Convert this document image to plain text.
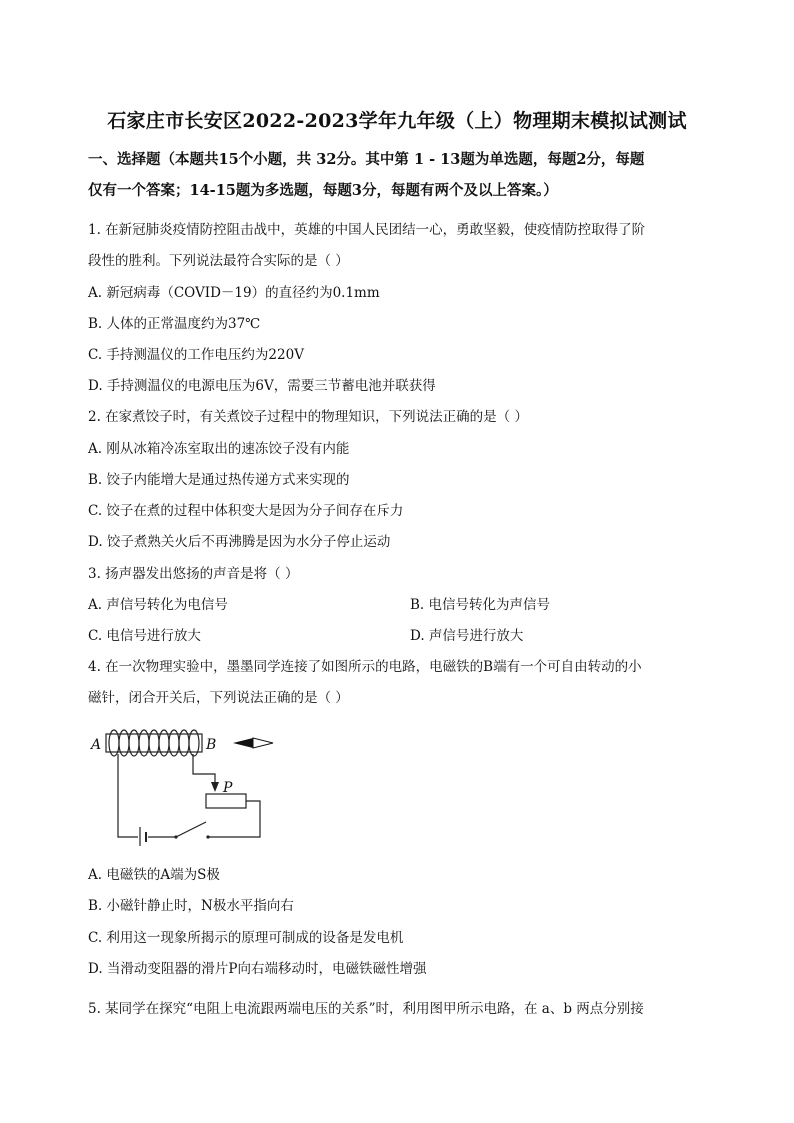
石家庄市长安区2022-2023学年九年级（上）物理期末模拟试测试
一、选择题（本题共15个小题，共 32分。其中第 1 - 13题为单选题，每题2分，每题
仅有一个答案；14-15题为多选题，每题3分，每题有两个及以上答案。）
1. 在新冠肺炎疫情防控阻击战中，英雄的中国人民团结一心，勇敢坚毅，使疫情防控取得了阶
段性的胜利。下列说法最符合实际的是（ ）
A. 新冠病毒（COVID－19）的直径约为0.1mm
B. 人体的正常温度约为37℃
C. 手持测温仪的工作电压约为220V
D. 手持测温仪的电源电压为6V，需要三节蓄电池并联获得
2. 在家煮饺子时，有关煮饺子过程中的物理知识，下列说法正确的是（ ）
A. 刚从冰箱冷冻室取出的速冻饺子没有内能
B. 饺子内能增大是通过热传递方式来实现的
C. 饺子在煮的过程中体积变大是因为分子间存在斥力
D. 饺子煮熟关火后不再沸腾是因为水分子停止运动
3. 扬声器发出悠扬的声音是将（ ）
A. 声信号转化为电信号	B. 电信号转化为声信号
C. 电信号进行放大	D. 声信号进行放大
4. 在一次物理实验中，墨墨同学连接了如图所示的电路，电磁铁的B端有一个可自由转动的小
磁针，闭合开关后，下列说法正确的是（ ）
A	B
P
A. 电磁铁的A端为S极
B. 小磁针静止时，N极水平指向右
C. 利用这一现象所揭示的原理可制成的设备是发电机
D. 当滑动变阻器的滑片P向右端移动时，电磁铁磁性增强
5. 某同学在探究“电阻上电流跟两端电压的关系”时，利用图甲所示电路，在 a、b 两点分别接
